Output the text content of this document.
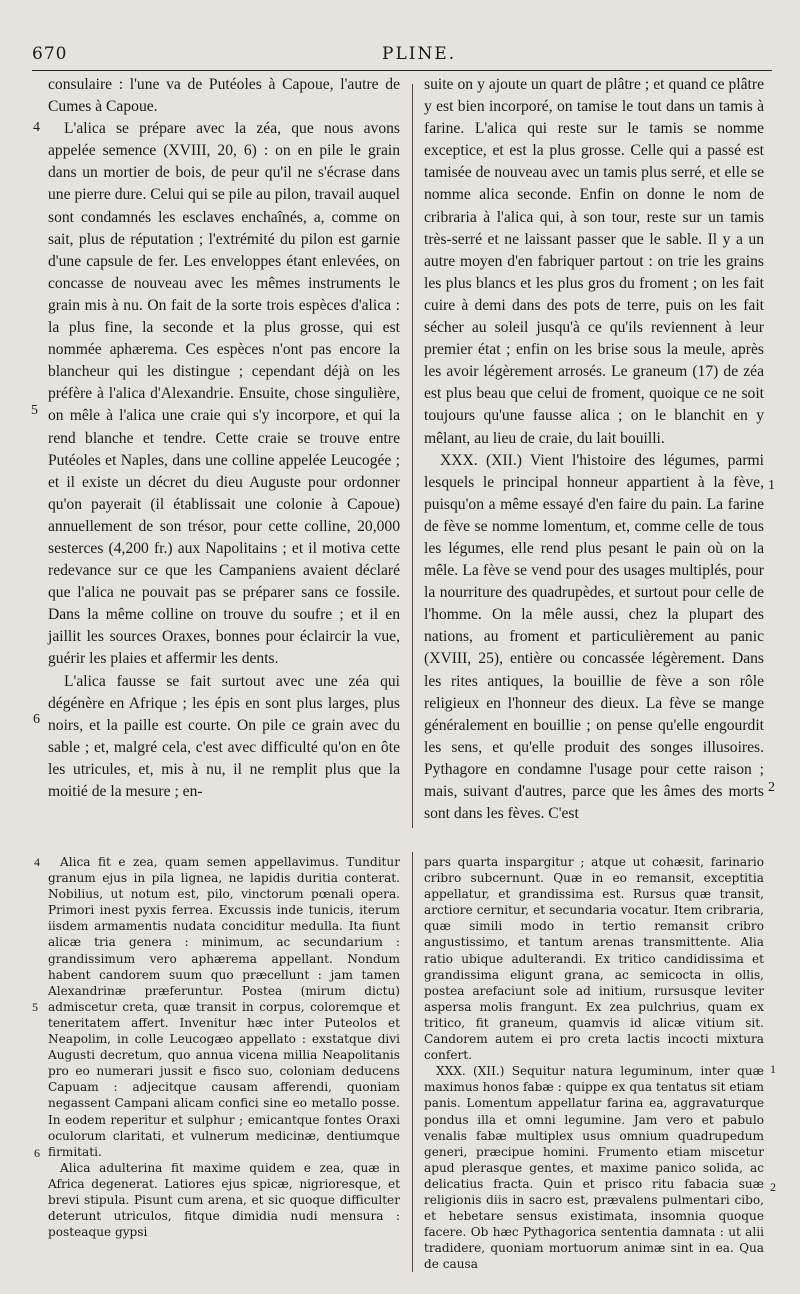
670	PLINE.

consulaire : l'une va de Putéoles à Capoue, l'autre de Cumes à Capoue.

L'alica se prépare avec la zéa, que nous avons appelée semence (XVIII, 20, 6) : on en pile le grain dans un mortier de bois, de peur qu'il ne s'écrase dans une pierre dure. Celui qui se pile au pilon, travail auquel sont condamnés les esclaves enchaînés, a, comme on sait, plus de réputation ; l'extrémité du pilon est garnie d'une capsule de fer. Les enveloppes étant enlevées, on concasse de nouveau avec les mêmes instruments le grain mis à nu. On fait de la sorte trois espèces d'alica : la plus fine, la seconde et la plus grosse, qui est nommée aphærema. Ces espèces n'ont pas encore la blancheur qui les distingue ; cependant déjà on les préfère à l'alica d'Alexandrie. Ensuite, chose singulière, on mêle à l'alica une craie qui s'y incorpore, et qui la rend blanche et tendre. Cette craie se trouve entre Putéoles et Naples, dans une colline appelée Leucogée ; et il existe un décret du dieu Auguste pour ordonner qu'on payerait (il établissait une colonie à Capoue) annuellement de son trésor, pour cette colline, 20,000 sesterces (4,200 fr.) aux Napolitains ; et il motiva cette redevance sur ce que les Campaniens avaient déclaré que l'alica ne pouvait pas se préparer sans ce fossile. Dans la même colline on trouve du soufre ; et il en jaillit les sources Oraxes, bonnes pour éclaircir la vue, guérir les plaies et affermir les dents.

L'alica fausse se fait surtout avec une zéa qui dégénère en Afrique ; les épis en sont plus larges, plus noirs, et la paille est courte. On pile ce grain avec du sable ; et, malgré cela, c'est avec difficulté qu'on en ôte les utricules, et, mis à nu, il ne remplit plus que la moitié de la mesure ; en-

suite on y ajoute un quart de plâtre ; et quand ce plâtre y est bien incorporé, on tamise le tout dans un tamis à farine. L'alica qui reste sur le tamis se nomme exceptice, et est la plus grosse. Celle qui a passé est tamisée de nouveau avec un tamis plus serré, et elle se nomme alica seconde. Enfin on donne le nom de cribraria à l'alica qui, à son tour, reste sur un tamis très-serré et ne laissant passer que le sable. Il y a un autre moyen d'en fabriquer partout : on trie les grains les plus blancs et les plus gros du froment ; on les fait cuire à demi dans des pots de terre, puis on les fait sécher au soleil jusqu'à ce qu'ils reviennent à leur premier état ; enfin on les brise sous la meule, après les avoir légèrement arrosés. Le graneum (17) de zéa est plus beau que celui de froment, quoique ce ne soit toujours qu'une fausse alica ; on le blanchit en y mêlant, au lieu de craie, du lait bouilli.

XXX. (XII.) Vient l'histoire des légumes, parmi lesquels le principal honneur appartient à la fève, puisqu'on a même essayé d'en faire du pain. La farine de fève se nomme lomentum, et, comme celle de tous les légumes, elle rend plus pesant le pain où on la mêle. La fève se vend pour des usages multiplés, pour la nourriture des quadrupèdes, et surtout pour celle de l'homme. On la mêle aussi, chez la plupart des nations, au froment et particulièrement au panic (XVIII, 25), entière ou concassée légèrement. Dans les rites antiques, la bouillie de fève a son rôle religieux en l'honneur des dieux. La fève se mange généralement en bouillie ; on pense qu'elle engourdit les sens, et qu'elle produit des songes illusoires. Pythagore en condamne l'usage pour cette raison ; mais, suivant d'autres, parce que les âmes des morts sont dans les fèves. C'est

Alica fit e zea, quam semen appellavimus. Tunditur granum ejus in pila lignea, ne lapidis duritia conterat. Nobilius, ut notum est, pilo, vinctorum pœnali opera. Primori inest pyxis ferrea. Excussis inde tunicis, iterum iisdem armamentis nudata conciditur medulla. Ita fiunt alicæ tria genera : minimum, ac secundarium : grandissimum vero aphærema appellant. Nondum habent candorem suum quo præcellunt : jam tamen Alexandrinæ præferuntur. Postea (mirum dictu) admiscetur creta, quæ transit in corpus, coloremque et teneritatem affert. Invenitur hæc inter Puteolos et Neapolim, in colle Leucogæo appellato : exstatque divi Augusti decretum, quo annua vicena millia Neapolitanis pro eo numerari jussit e fisco suo, coloniam deducens Capuam : adjecitque causam afferendi, quoniam negassent Campani alicam confici sine eo metallo posse. In eodem reperitur et sulphur ; emicantque fontes Oraxi oculorum claritati, et vulnerum medicinæ, dentiumque firmitati.

Alica adulterina fit maxime quidem e zea, quæ in Africa degenerat. Latiores ejus spicæ, nigrioresque, et brevi stipula. Pisunt cum arena, et sic quoque difficulter deterunt utriculos, fitque dimidia nudi mensura : posteaque gypsi

pars quarta inspargitur ; atque ut cohæsit, farinario cribro subcernunt. Quæ in eo remansit, exceptitia appellatur, et grandissima est. Rursus quæ transit, arctiore cernitur, et secundaria vocatur. Item cribraria, quæ simili modo in tertio remansit cribro angustissimo, et tantum arenas transmittente. Alia ratio ubique adulterandi. Ex tritico candidissima et grandissima eligunt grana, ac semicocta in ollis, postea arefaciunt sole ad initium, rursusque leviter aspersa molis frangunt. Ex zea pulchrius, quam ex tritico, fit graneum, quamvis id alicæ vitium sit. Candorem autem ei pro creta lactis incocti mixtura confert.

XXX. (XII.) Sequitur natura leguminum, inter quæ maximus honos fabæ : quippe ex qua tentatus sit etiam panis. Lomentum appellatur farina ea, aggravaturque pondus illa et omni legumine. Jam vero et pabulo venalis fabæ multiplex usus omnium quadrupedum generi, præcipue homini. Frumento etiam miscetur apud plerasque gentes, et maxime panico solida, ac delicatius fracta. Quin et prisco ritu fabacia suæ religionis diis in sacro est, prævalens pulmentari cibo, et hebetare sensus existimata, insomnia quoque facere. Ob hæc Pythagorica sententia damnata : ut alii tradidere, quoniam mortuorum animæ sint in ea. Qua de causa

4
5
6
1
2
4
5
6
1
2
